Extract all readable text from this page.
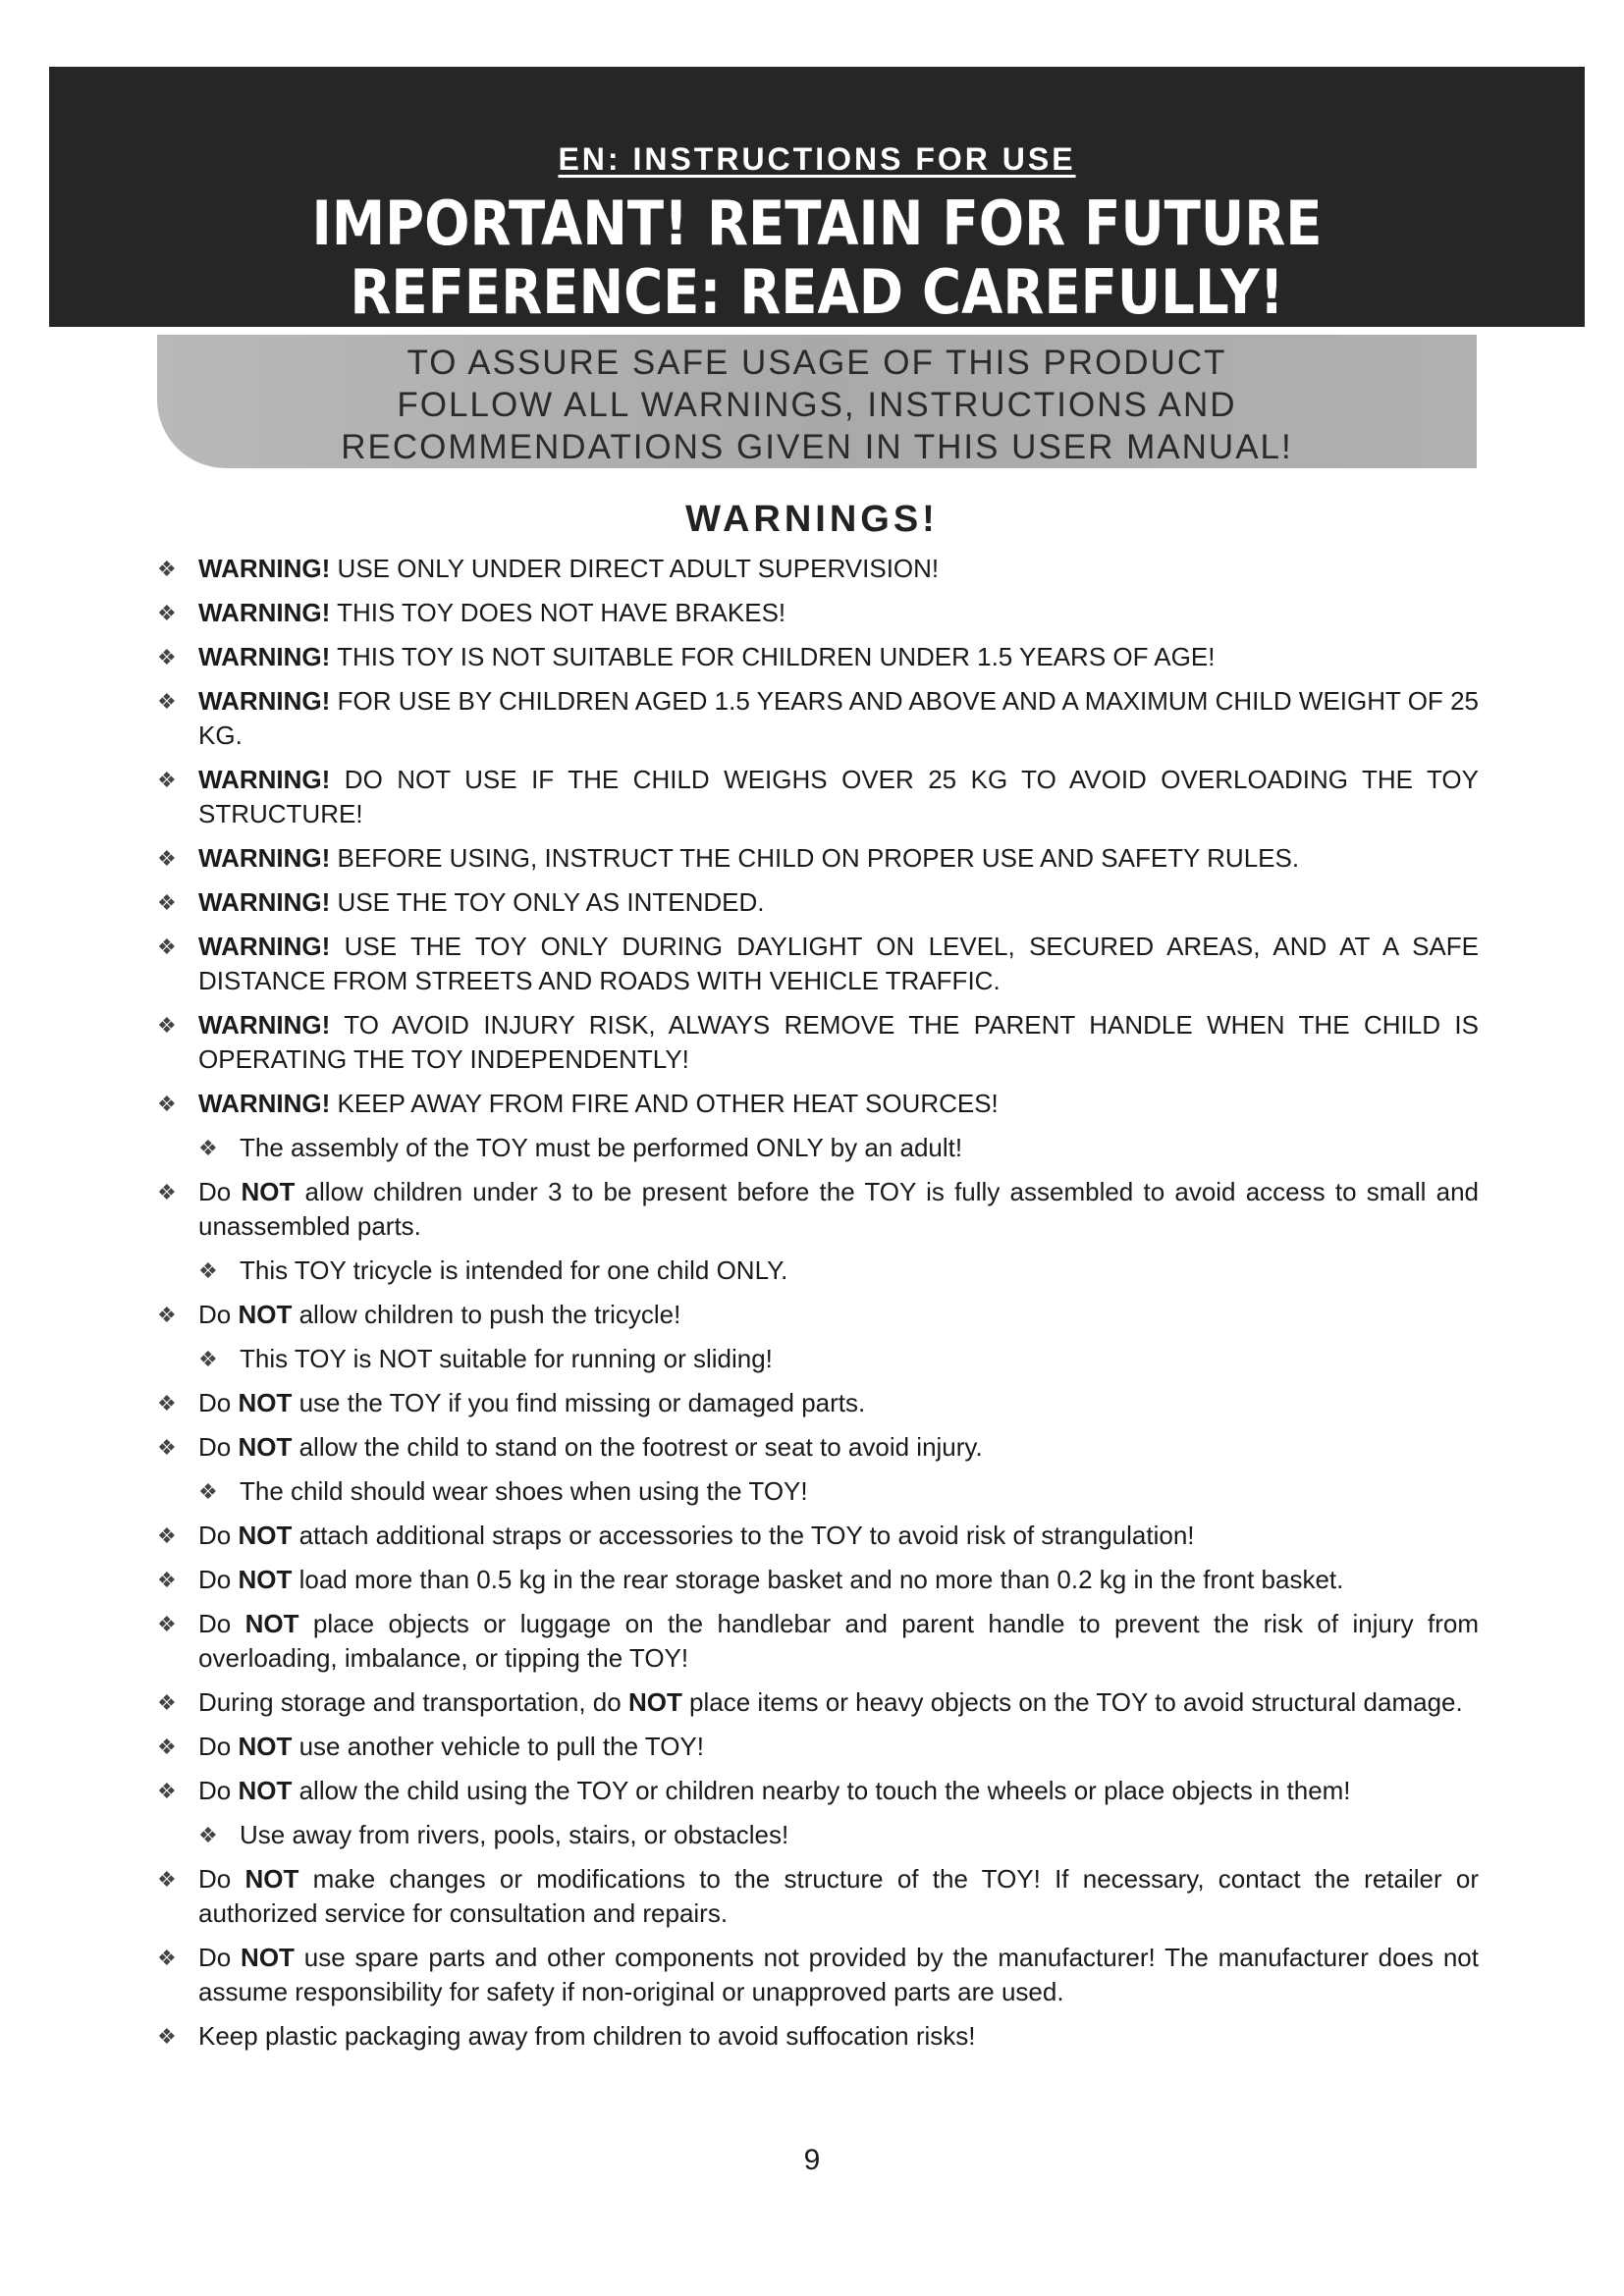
EN: INSTRUCTIONS FOR USE
IMPORTANT! RETAIN FOR FUTURE
REFERENCE: READ CAREFULLY!
TO ASSURE SAFE USAGE OF THIS PRODUCT
FOLLOW ALL WARNINGS, INSTRUCTIONS AND
RECOMMENDATIONS GIVEN IN THIS USER MANUAL!
WARNINGS!
❖ WARNING! USE ONLY UNDER DIRECT ADULT SUPERVISION!
❖ WARNING! THIS TOY DOES NOT HAVE BRAKES!
❖ WARNING! THIS TOY IS NOT SUITABLE FOR CHILDREN UNDER 1.5 YEARS OF AGE!
❖ WARNING! FOR USE BY CHILDREN AGED 1.5 YEARS AND ABOVE AND A MAXIMUM CHILD WEIGHT OF 25 KG.
❖ WARNING! DO NOT USE IF THE CHILD WEIGHS OVER 25 KG TO AVOID OVERLOADING THE TOY STRUCTURE!
❖ WARNING! BEFORE USING, INSTRUCT THE CHILD ON PROPER USE AND SAFETY RULES.
❖ WARNING! USE THE TOY ONLY AS INTENDED.
❖ WARNING! USE THE TOY ONLY DURING DAYLIGHT ON LEVEL, SECURED AREAS, AND AT A SAFE DISTANCE FROM STREETS AND ROADS WITH VEHICLE TRAFFIC.
❖ WARNING! TO AVOID INJURY RISK, ALWAYS REMOVE THE PARENT HANDLE WHEN THE CHILD IS OPERATING THE TOY INDEPENDENTLY!
❖ WARNING! KEEP AWAY FROM FIRE AND OTHER HEAT SOURCES!
❖ The assembly of the TOY must be performed ONLY by an adult!
❖ Do NOT allow children under 3 to be present before the TOY is fully assembled to avoid access to small and unassembled parts.
❖ This TOY tricycle is intended for one child ONLY.
❖ Do NOT allow children to push the tricycle!
❖ This TOY is NOT suitable for running or sliding!
❖ Do NOT use the TOY if you find missing or damaged parts.
❖ Do NOT allow the child to stand on the footrest or seat to avoid injury.
❖ The child should wear shoes when using the TOY!
❖ Do NOT attach additional straps or accessories to the TOY to avoid risk of strangulation!
❖ Do NOT load more than 0.5 kg in the rear storage basket and no more than 0.2 kg in the front basket.
❖ Do NOT place objects or luggage on the handlebar and parent handle to prevent the risk of injury from overloading, imbalance, or tipping the TOY!
❖ During storage and transportation, do NOT place items or heavy objects on the TOY to avoid structural damage.
❖ Do NOT use another vehicle to pull the TOY!
❖ Do NOT allow the child using the TOY or children nearby to touch the wheels or place objects in them!
❖ Use away from rivers, pools, stairs, or obstacles!
❖ Do NOT make changes or modifications to the structure of the TOY! If necessary, contact the retailer or authorized service for consultation and repairs.
❖ Do NOT use spare parts and other components not provided by the manufacturer! The manufacturer does not assume responsibility for safety if non-original or unapproved parts are used.
❖ Keep plastic packaging away from children to avoid suffocation risks!
9
